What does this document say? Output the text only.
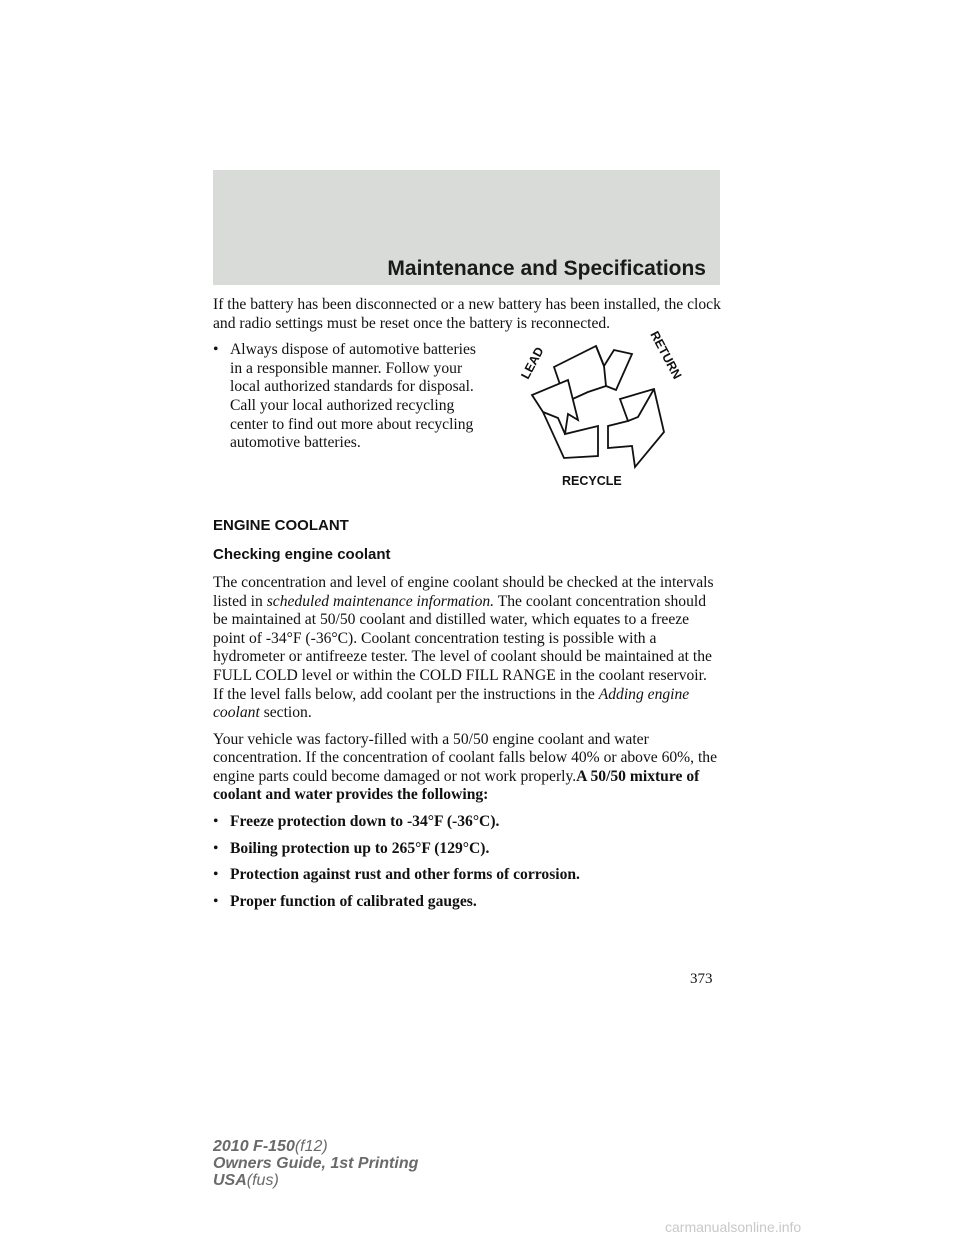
Maintenance and Specifications

If the battery has been disconnected or a new battery has been installed, the clock and radio settings must be reset once the battery is reconnected.

• Always dispose of automotive batteries in a responsible manner. Follow your local authorized standards for disposal. Call your local authorized recycling center to find out more about recycling automotive batteries.

ENGINE COOLANT

Checking engine coolant

The concentration and level of engine coolant should be checked at the intervals listed in scheduled maintenance information. The coolant concentration should be maintained at 50/50 coolant and distilled water, which equates to a freeze point of -34°F (-36°C). Coolant concentration testing is possible with a hydrometer or antifreeze tester. The level of coolant should be maintained at the FULL COLD level or within the COLD FILL RANGE in the coolant reservoir. If the level falls below, add coolant per the instructions in the Adding engine coolant section.

Your vehicle was factory-filled with a 50/50 engine coolant and water concentration. If the concentration of coolant falls below 40% or above 60%, the engine parts could become damaged or not work properly.A 50/50 mixture of coolant and water provides the following:

• Freeze protection down to -34°F (-36°C).

• Boiling protection up to 265°F (129°C).

• Protection against rust and other forms of corrosion.

• Proper function of calibrated gauges.

LEAD	RETURN
RECYCLE
373
2010 F-150(f12)
Owners Guide, 1st Printing
USA(fus)
carmanualsonline.info
